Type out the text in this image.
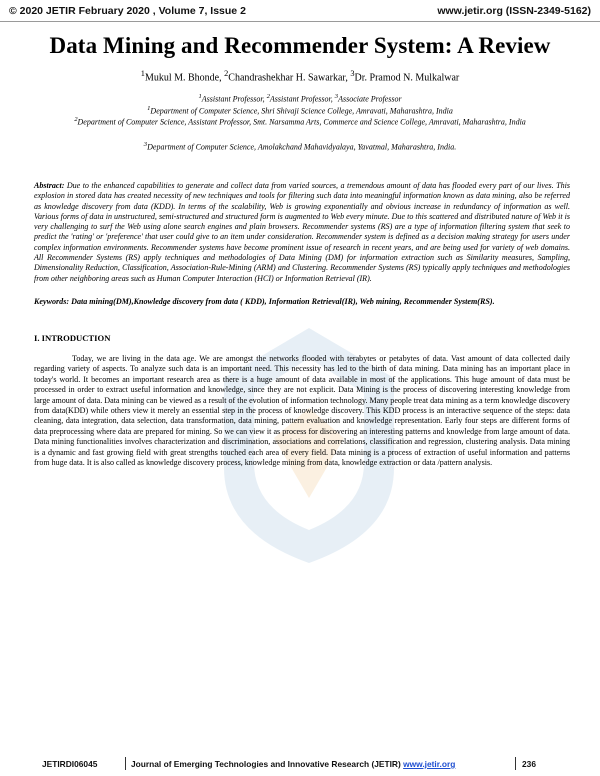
© 2020 JETIR February 2020 , Volume 7, Issue 2	www.jetir.org (ISSN-2349-5162)
Data Mining and Recommender System: A Review
$^1$Mukul M. Bhonde, $^2$Chandrashekhar H. Sawarkar, $^3$Dr. Pramod N. Mulkalwar
$^1$Assistant Professor, $^2$Assistant Professor, $^3$Associate Professor
$^1$Department of Computer Science, Shri Shivaji Science College, Amravati, Maharashtra, India
$^2$Department of Computer Science, Assistant Professor, Smt. Narsamma Arts, Commerce and Science College, Amravati, Maharashtra, India
$^3$Department of Computer Science, Amolakchand Mahavidyalaya, Yavatmal, Maharashtra, India.
Abstract: Due to the enhanced capabilities to generate and collect data from varied sources, a tremendous amount of data has flooded every part of our lives. This explosion in stored data has created necessity of new techniques and tools for filtering such data into meaningful information known as data mining, also be referred as knowledge discovery from data (KDD). In terms of the scalability, Web is growing exponentially and obvious increase in redundancy of information as well. Various forms of data in unstructured, semi-structured and structured form is augmented to Web every minute. Due to this scattered and distributed nature of Web it is very challenging to surf the Web using alone search engines and plain browsers. Recommender systems (RS) are a type of information filtering system that seek to predict the 'rating' or 'preference' that user could give to an item under consideration. Recommender system is defined as a decision making strategy for users under complex information environments. Recommender systems have become prominent issue of research in recent years, and are being used for variety of web domains. All Recommender Systems (RS) apply techniques and methodologies of Data Mining (DM) for information extraction such as Similarity measures, Sampling, Dimensionality Reduction, Classification, Association-Rule-Mining (ARM) and Clustering. Recommender Systems (RS) typically apply techniques and methodologies from other neighboring areas such as Human Computer Interaction (HCI) or Information Retrieval (IR).
Keywords: Data mining(DM),Knowledge discovery from data ( KDD), Information Retrieval(IR), Web mining, Recommender System(RS).
I. INTRODUCTION
Today, we are living in the data age. We are amongst the networks flooded with terabytes or petabytes of data. Vast amount of data collected daily regarding variety of aspects. To analyze such data is an important need. This necessity has led to the birth of data mining. Data mining has an important place in today's world. It becomes an important research area as there is a huge amount of data available in most of the applications. This huge amount of data must be processed in order to extract useful information and knowledge, since they are not explicit. Data Mining is the process of discovering interesting knowledge from large amount of data. Data mining can be viewed as a result of the evolution of information technology. Many people treat data mining as a term knowledge discovery from data(KDD) while others view it merely an essential step in the process of knowledge discovery. This KDD process is an interactive sequence of the steps: data cleaning, data integration, data selection, data transformation, data mining, pattern evaluation and knowledge representation. Early four steps are different forms of data preprocessing where data are prepared for mining. So we can view it as process for discovering an interesting patterns and knowledge from large amount of data. Data mining functionalities involves characterization and discrimination, associations and correlations, classification and regression, clustering analysis. Data mining is a dynamic and fast growing field with great strengths touched each area of every field. Data mining is a process of extraction of useful information and patterns from huge data. It is also called as knowledge discovery process, knowledge mining from data, knowledge extraction or data /pattern analysis.
JETIRDI06045	Journal of Emerging Technologies and Innovative Research (JETIR) www.jetir.org	236
